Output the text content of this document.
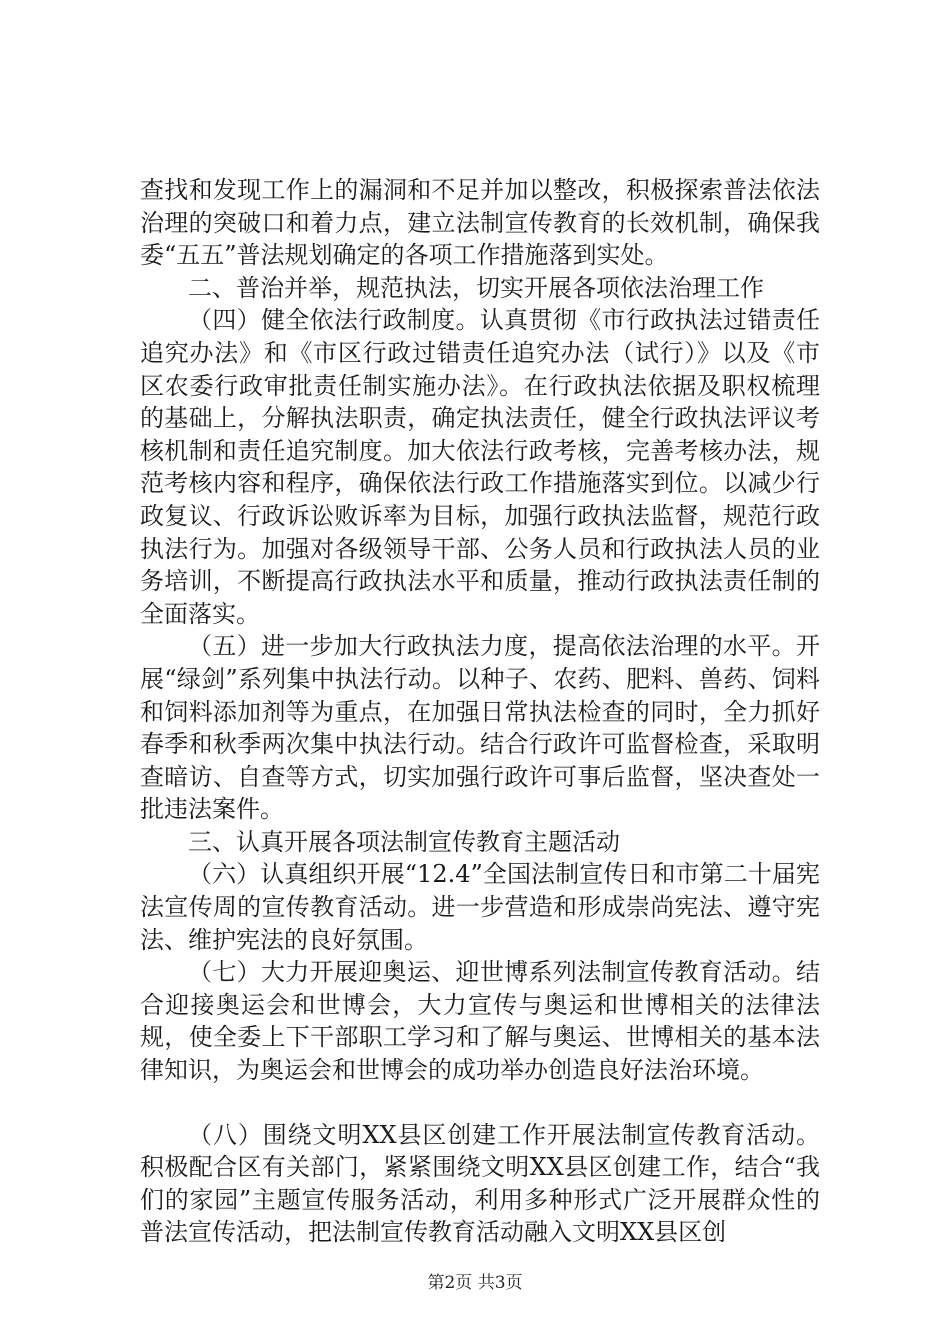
查找和发现工作上的漏洞和不足并加以整改，积极探索普法依法治理的突破口和着力点，建立法制宣传教育的长效机制，确保我委“五五”普法规划确定的各项工作措施落到实处。

二、普治并举，规范执法，切实开展各项依法治理工作

（四）健全依法行政制度。认真贯彻《市行政执法过错责任追究办法》和《市区行政过错责任追究办法（试行）》以及《市区农委行政审批责任制实施办法》。在行政执法依据及职权梳理的基础上，分解执法职责，确定执法责任，健全行政执法评议考核机制和责任追究制度。加大依法行政考核，完善考核办法，规范考核内容和程序，确保依法行政工作措施落实到位。以减少行政复议、行政诉讼败诉率为目标，加强行政执法监督，规范行政执法行为。加强对各级领导干部、公务人员和行政执法人员的业务培训，不断提高行政执法水平和质量，推动行政执法责任制的全面落实。

（五）进一步加大行政执法力度，提高依法治理的水平。开展“绿剑”系列集中执法行动。以种子、农药、肥料、兽药、饲料和饲料添加剂等为重点，在加强日常执法检查的同时，全力抓好春季和秋季两次集中执法行动。结合行政许可监督检查，采取明查暗访、自查等方式，切实加强行政许可事后监督，坚决查处一批违法案件。

三、认真开展各项法制宣传教育主题活动

（六）认真组织开展“12.4”全国法制宣传日和市第二十届宪法宣传周的宣传教育活动。进一步营造和形成崇尚宪法、遵守宪法、维护宪法的良好氛围。

（七）大力开展迎奥运、迎世博系列法制宣传教育活动。结合迎接奥运会和世博会，大力宣传与奥运和世博相关的法律法规，使全委上下干部职工学习和了解与奥运、世博相关的基本法律知识，为奥运会和世博会的成功举办创造良好法治环境。

（八）围绕文明XX县区创建工作开展法制宣传教育活动。积极配合区有关部门，紧紧围绕文明XX县区创建工作，结合“我们的家园”主题宣传服务活动，利用多种形式广泛开展群众性的普法宣传活动，把法制宣传教育活动融入文明XX县区创

第2页 共3页
